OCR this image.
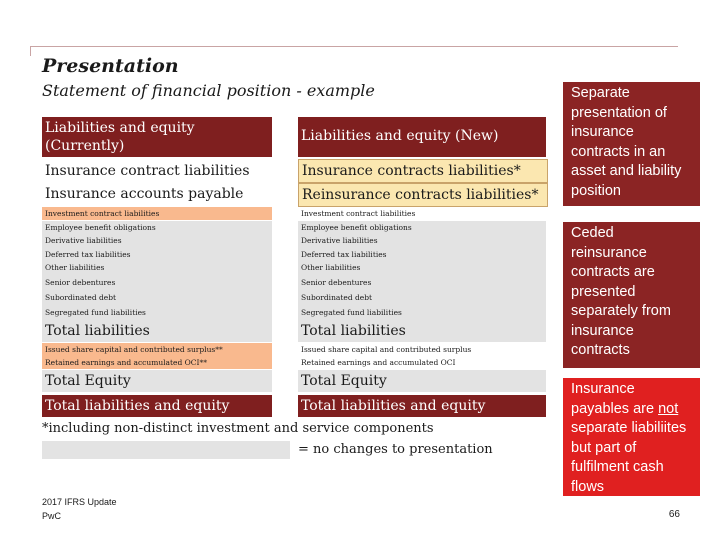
Presentation
Statement of financial position - example
Liabilities and equity (Currently)
Liabilities and equity (New)
Insurance contract liabilities	Insurance contracts liabilities*
Insurance accounts payable	Reinsurance contracts liabilities*
Investment contract liabilities	Investment contract liabilities
Employee benefit obligations	Employee benefit obligations
Derivative liabilities	Derivative liabilities
Deferred tax liabilities	Deferred tax liabilities
Other liabilities	Other liabilities
Senior debentures	Senior debentures
Subordinated debt	Subordinated debt
Segregated fund liabilities	Segregated fund liabilities
Total liabilities	Total liabilities
Issued share capital and contributed surplus**	Issued share capital and contributed surplus
Retained earnings and accumulated OCI**	Retained earnings and accumulated OCI
Total Equity	Total Equity
Total liabilities and equity	Total liabilities and equity
*including non-distinct investment and service components
= no changes to presentation
Separate presentation of insurance contracts in an asset and liability position
Ceded reinsurance contracts are presented separately from insurance contracts
Insurance payables are not separate liabiliites but part of fulfilment cash flows
2017 IFRS Update
PwC	66
